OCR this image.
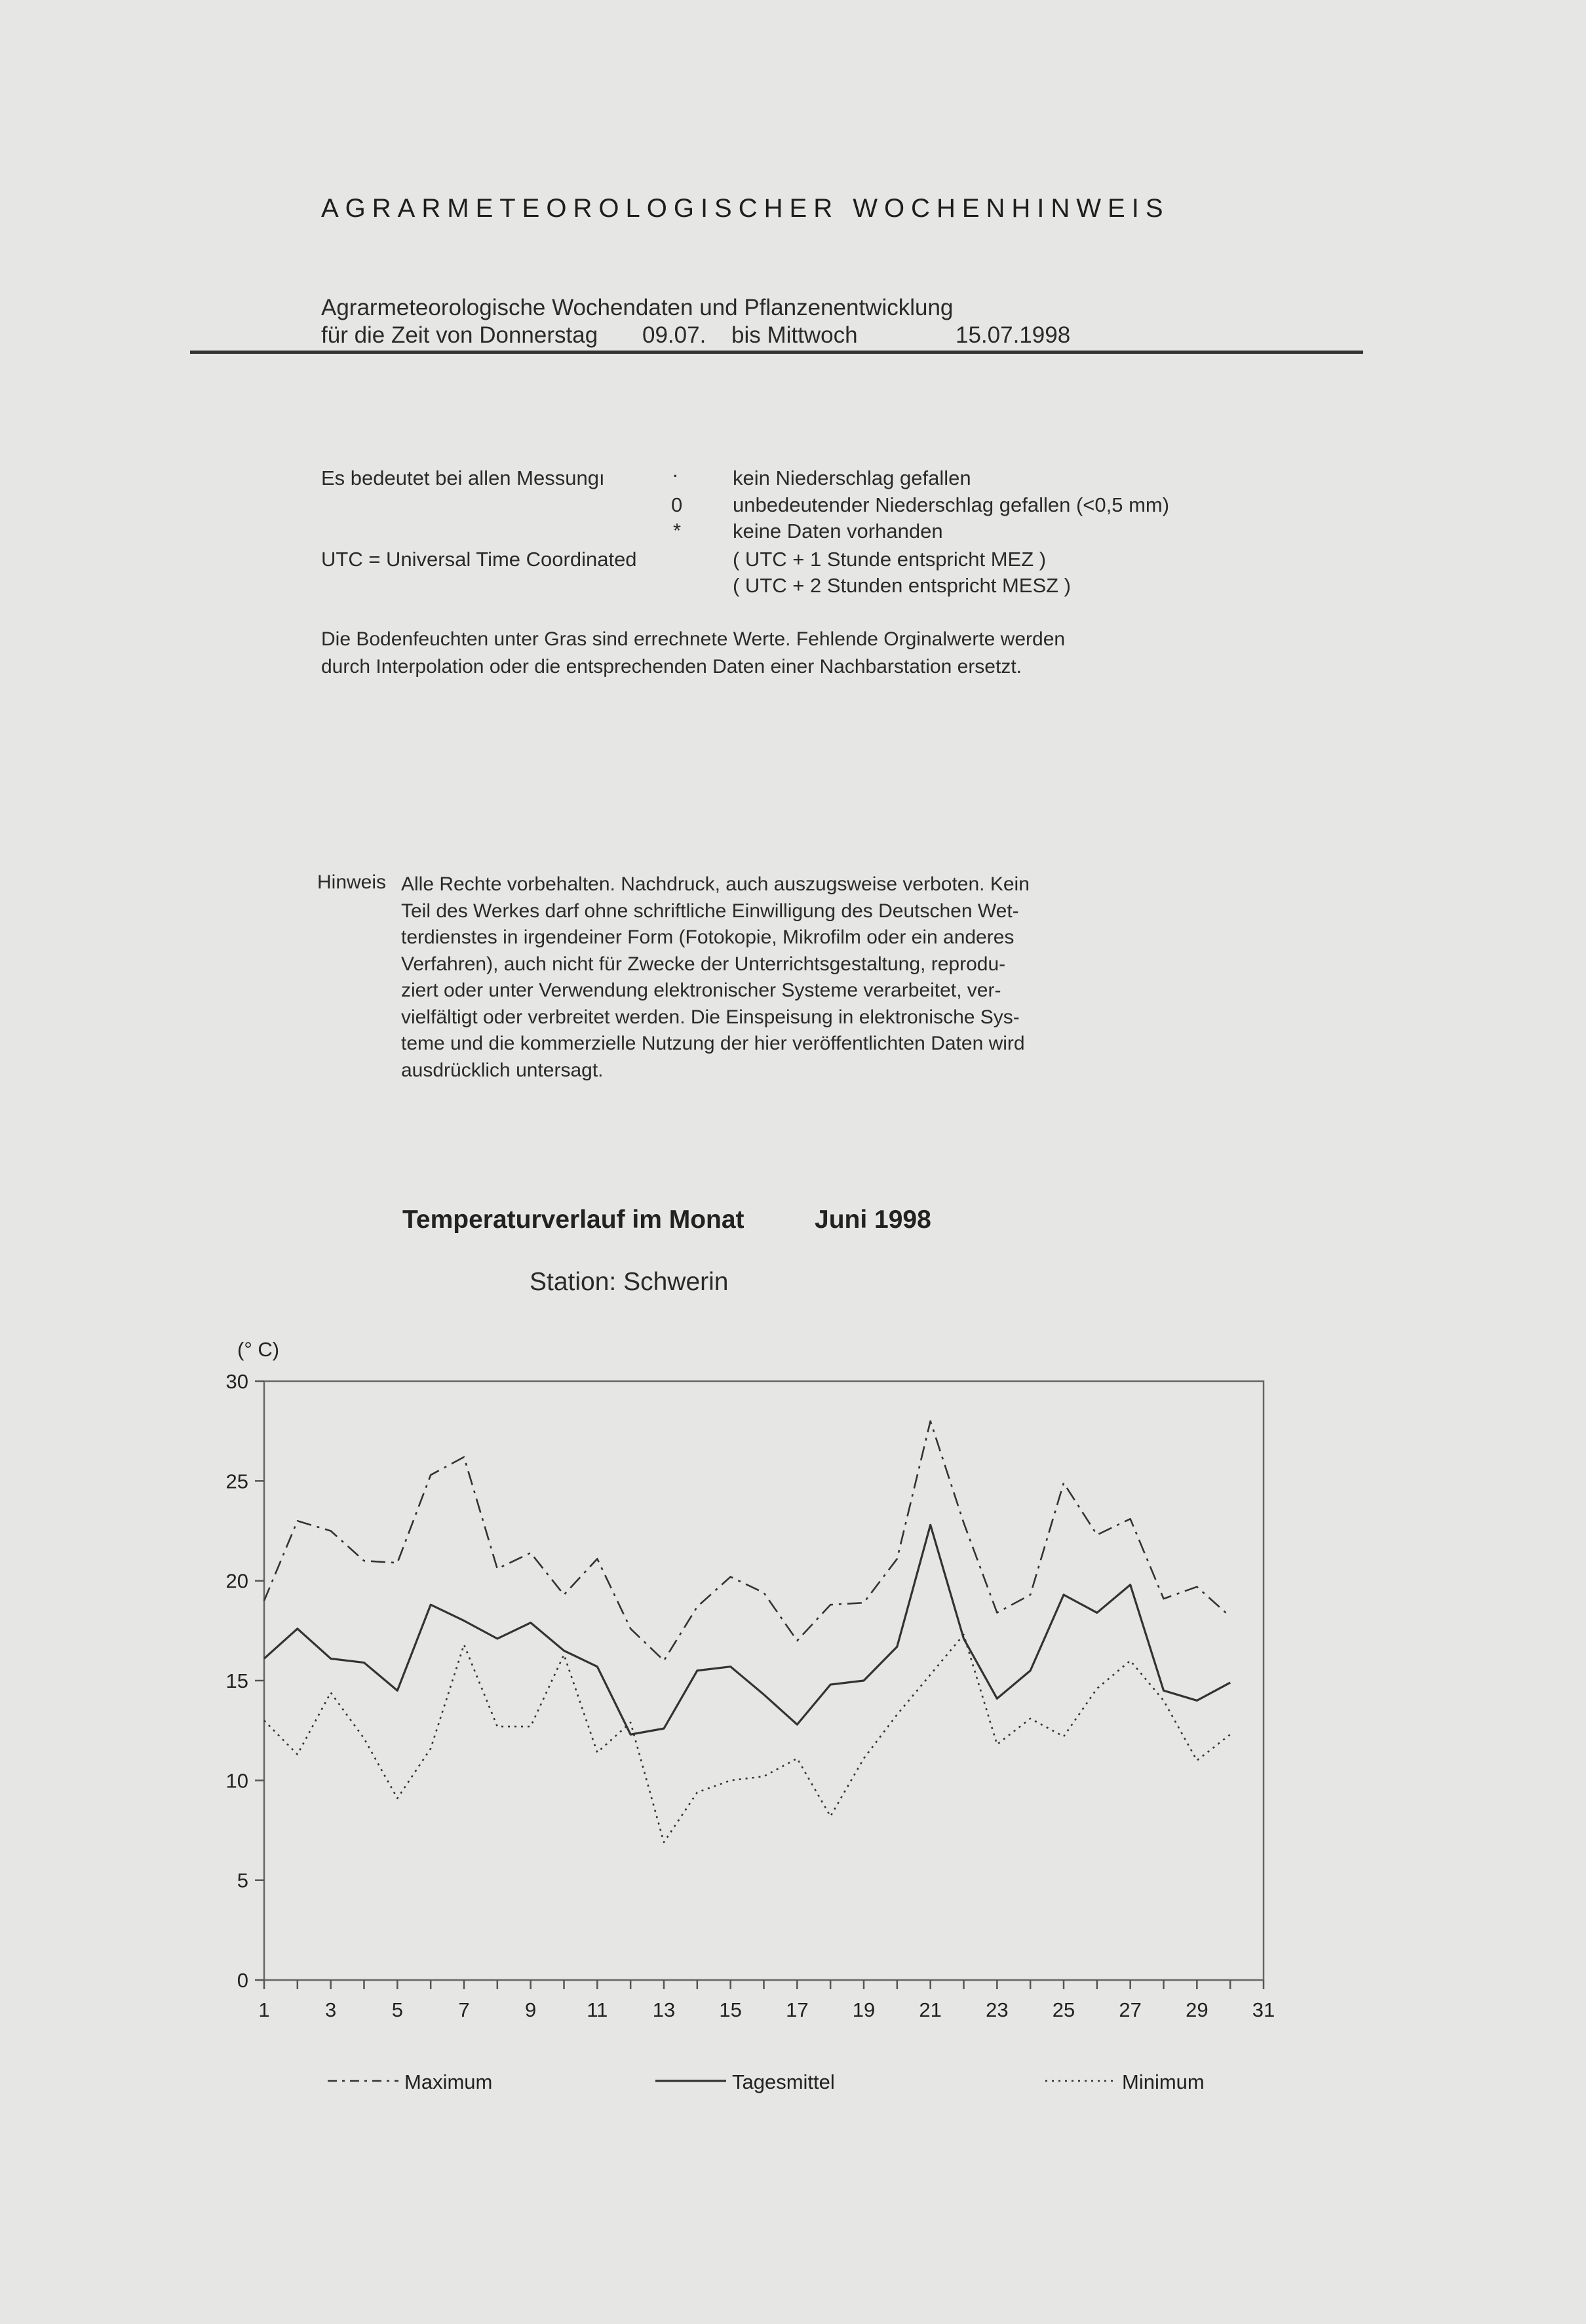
AGRARMETEOROLOGISCHER WOCHENHINWEIS
Agrarmeteorologische Wochendaten und Pflanzenentwicklung
für die Zeit von Donnerstag 09.07. bis Mittwoch	15.07.1998
Es bedeutet bei allen Messungı	.	kein Niederschlag gefallen
0 unbedeutender Niederschlag gefallen (<0,5 mm)
*	keine Daten vorhanden
UTC = Universal Time Coordinated	( UTC + 1 Stunde entspricht MEZ )
( UTC + 2 Stunden entspricht MESZ )
Die Bodenfeuchten unter Gras sind errechnete Werte. Fehlende Orginalwerte werden
durch Interpolation oder die entsprechenden Daten einer Nachbarstation ersetzt.
Hinweis Alle Rechte vorbehalten. Nachdruck, auch auszugsweise verboten. Kein
Teil des Werkes darf ohne schriftliche Einwilligung des Deutschen Wet-
terdienstes in irgendeiner Form (Fotokopie, Mikrofilm oder ein anderes
Verfahren), auch nicht für Zwecke der Unterrichtsgestaltung, reprodu-
ziert oder unter Verwendung elektronischer Systeme verarbeitet, ver-
vielfältigt oder verbreitet werden. Die Einspeisung in elektronische Sys-
teme und die kommerzielle Nutzung der hier veröffentlichten Daten wird
ausdrücklich untersagt.
Temperaturverlauf im Monat	Juni 1998
Station: Schwerin
0
5
10
15
20
25
30
1	3	5	7	9 11 13 15 17 19 21 23 25 27 29 31
(° C)
Maximum	Tagesmittel	Minimum
